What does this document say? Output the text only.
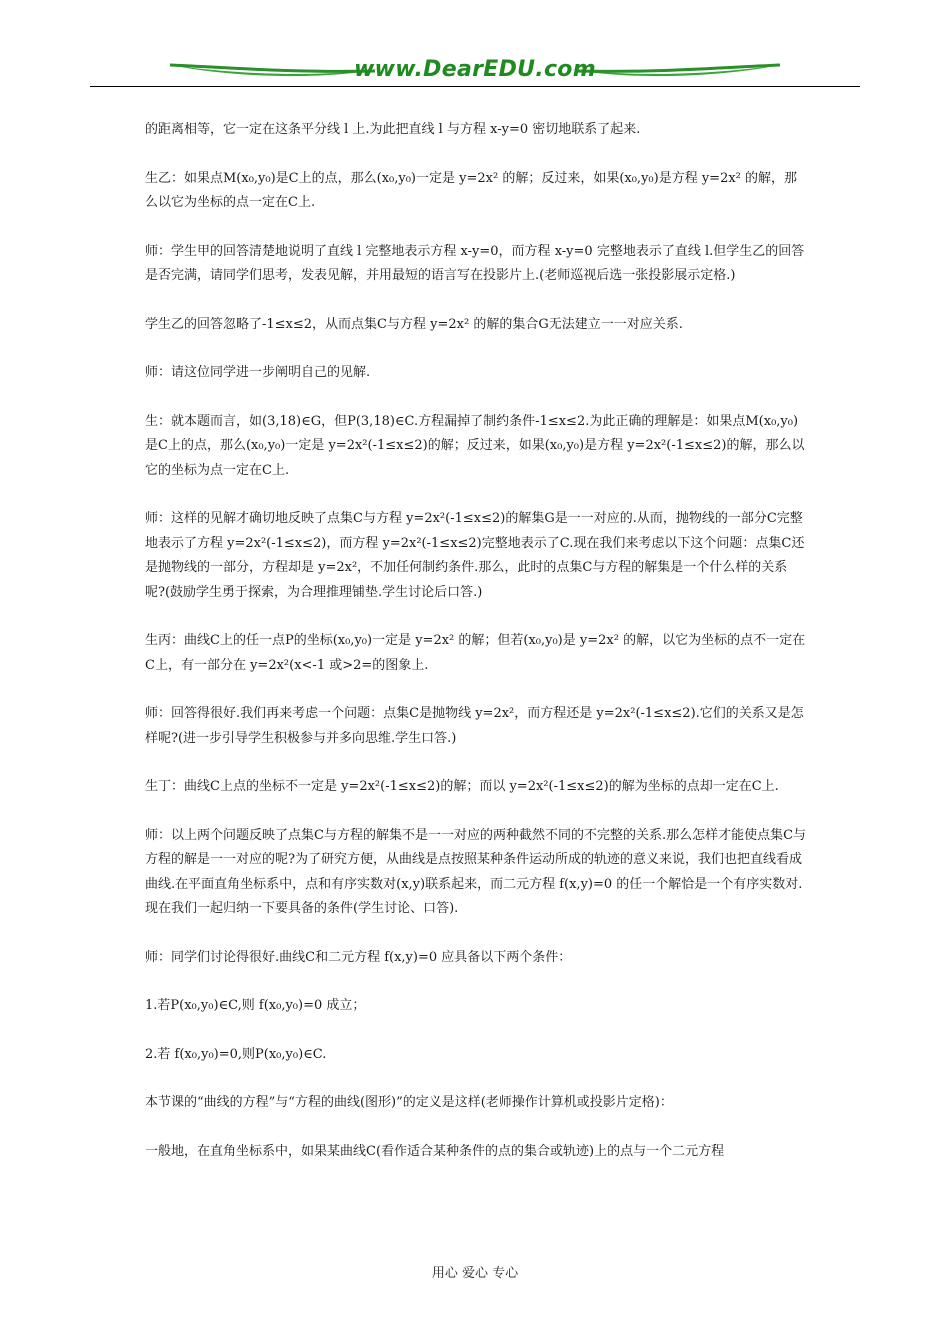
www.DearEDU.com

的距离相等，它一定在这条平分线 l 上.为此把直线 l 与方程 x-y=0 密切地联系了起来.

生乙：如果点M(x₀,y₀)是C上的点，那么(x₀,y₀)一定是 y=2x² 的解；反过来，如果(x₀,y₀)是方程 y=2x² 的解，那么以它为坐标的点一定在C上.

师：学生甲的回答清楚地说明了直线 l 完整地表示方程 x-y=0，而方程 x-y=0 完整地表示了直线 l.但学生乙的回答是否完满，请同学们思考，发表见解，并用最短的语言写在投影片上.(老师巡视后选一张投影展示定格.)

学生乙的回答忽略了-1≤x≤2，从而点集C与方程 y=2x² 的解的集合G无法建立一一对应关系.

师：请这位同学进一步阐明自己的见解.

生：就本题而言，如(3,18)∈G，但P(3,18)∈C.方程漏掉了制约条件-1≤x≤2.为此正确的理解是：如果点M(x₀,y₀)是C上的点，那么(x₀,y₀)一定是 y=2x²(-1≤x≤2)的解；反过来，如果(x₀,y₀)是方程 y=2x²(-1≤x≤2)的解，那么以它的坐标为点一定在C上.

师：这样的见解才确切地反映了点集C与方程 y=2x²(-1≤x≤2)的解集G是一一对应的.从而，抛物线的一部分C完整地表示了方程 y=2x²(-1≤x≤2)，而方程 y=2x²(-1≤x≤2)完整地表示了C.现在我们来考虑以下这个问题：点集C还是抛物线的一部分，方程却是 y=2x²，不加任何制约条件.那么，此时的点集C与方程的解集是一个什么样的关系呢?(鼓励学生勇于探索，为合理推理铺垫.学生讨论后口答.)

生丙：曲线C上的任一点P的坐标(x₀,y₀)一定是 y=2x² 的解；但若(x₀,y₀)是 y=2x² 的解，以它为坐标的点不一定在C上，有一部分在 y=2x²(x<-1 或>2=的图象上.

师：回答得很好.我们再来考虑一个问题：点集C是抛物线 y=2x²，而方程还是 y=2x²(-1≤x≤2).它们的关系又是怎样呢?(进一步引导学生积极参与并多向思维.学生口答.)

生丁：曲线C上点的坐标不一定是 y=2x²(-1≤x≤2)的解；而以 y=2x²(-1≤x≤2)的解为坐标的点却一定在C上.

师：以上两个问题反映了点集C与方程的解集不是一一对应的两种截然不同的不完整的关系.那么怎样才能使点集C与方程的解是一一对应的呢?为了研究方便，从曲线是点按照某种条件运动所成的轨迹的意义来说，我们也把直线看成曲线.在平面直角坐标系中，点和有序实数对(x,y)联系起来，而二元方程 f(x,y)=0 的任一个解恰是一个有序实数对.现在我们一起归纳一下要具备的条件(学生讨论、口答).

师：同学们讨论得很好.曲线C和二元方程 f(x,y)=0 应具备以下两个条件：

1.若P(x₀,y₀)∈C,则 f(x₀,y₀)=0 成立；

2.若 f(x₀,y₀)=0,则P(x₀,y₀)∈C.

本节课的“曲线的方程”与“方程的曲线(图形)”的定义是这样(老师操作计算机或投影片定格)：

一般地，在直角坐标系中，如果某曲线C(看作适合某种条件的点的集合或轨迹)上的点与一个二元方程

用心 爱心 专心
